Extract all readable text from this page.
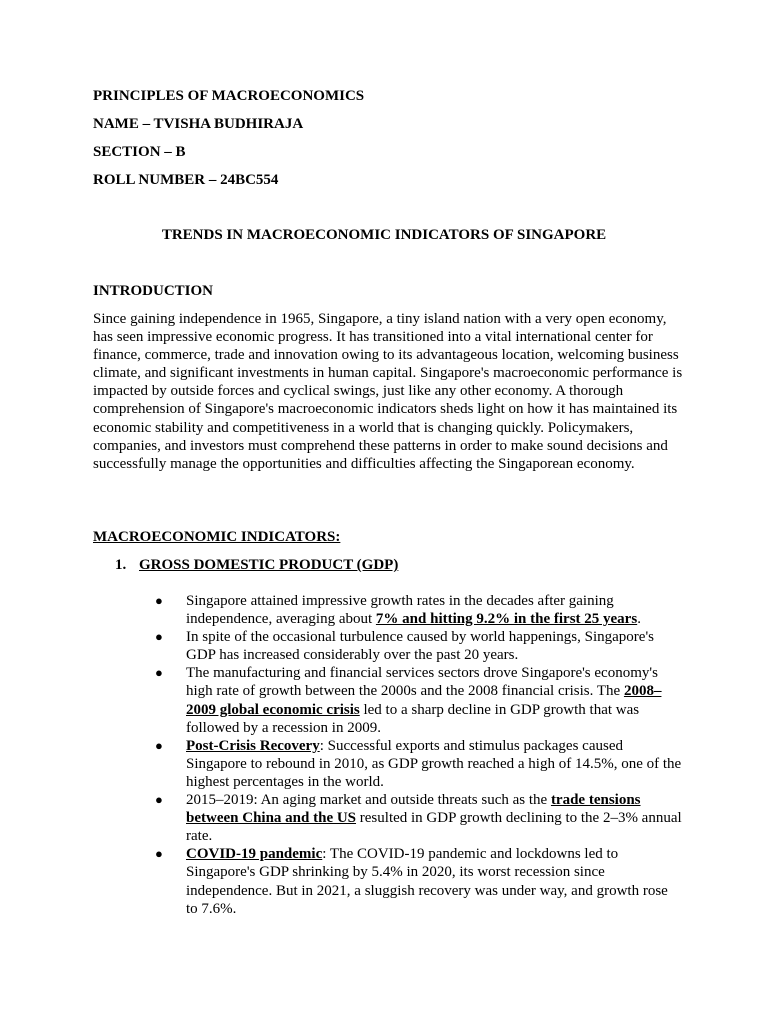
PRINCIPLES OF MACROECONOMICS

NAME – TVISHA BUDHIRAJA

SECTION – B

ROLL NUMBER – 24BC554

TRENDS IN MACROECONOMIC INDICATORS OF SINGAPORE

INTRODUCTION

Since gaining independence in 1965, Singapore, a tiny island nation with a very open economy, has seen impressive economic progress. It has transitioned into a vital international center for finance, commerce, trade and innovation owing to its advantageous location, welcoming business climate, and significant investments in human capital. Singapore's macroeconomic performance is impacted by outside forces and cyclical swings, just like any other economy. A thorough comprehension of Singapore's macroeconomic indicators sheds light on how it has maintained its economic stability and competitiveness in a world that is changing quickly. Policymakers, companies, and investors must comprehend these patterns in order to make sound decisions and successfully manage the opportunities and difficulties affecting the Singaporean economy.

MACROECONOMIC INDICATORS:

1. GROSS DOMESTIC PRODUCT (GDP)

● Singapore attained impressive growth rates in the decades after gaining independence, averaging about 7% and hitting 9.2% in the first 25 years.
● In spite of the occasional turbulence caused by world happenings, Singapore's GDP has increased considerably over the past 20 years.
● The manufacturing and financial services sectors drove Singapore's economy's high rate of growth between the 2000s and the 2008 financial crisis. The 2008–2009 global economic crisis led to a sharp decline in GDP growth that was followed by a recession in 2009.
● Post-Crisis Recovery: Successful exports and stimulus packages caused Singapore to rebound in 2010, as GDP growth reached a high of 14.5%, one of the highest percentages in the world.
● 2015–2019: An aging market and outside threats such as the trade tensions between China and the US resulted in GDP growth declining to the 2–3% annual rate.
● COVID-19 pandemic: The COVID-19 pandemic and lockdowns led to Singapore's GDP shrinking by 5.4% in 2020, its worst recession since independence. But in 2021, a sluggish recovery was under way, and growth rose to 7.6%.
